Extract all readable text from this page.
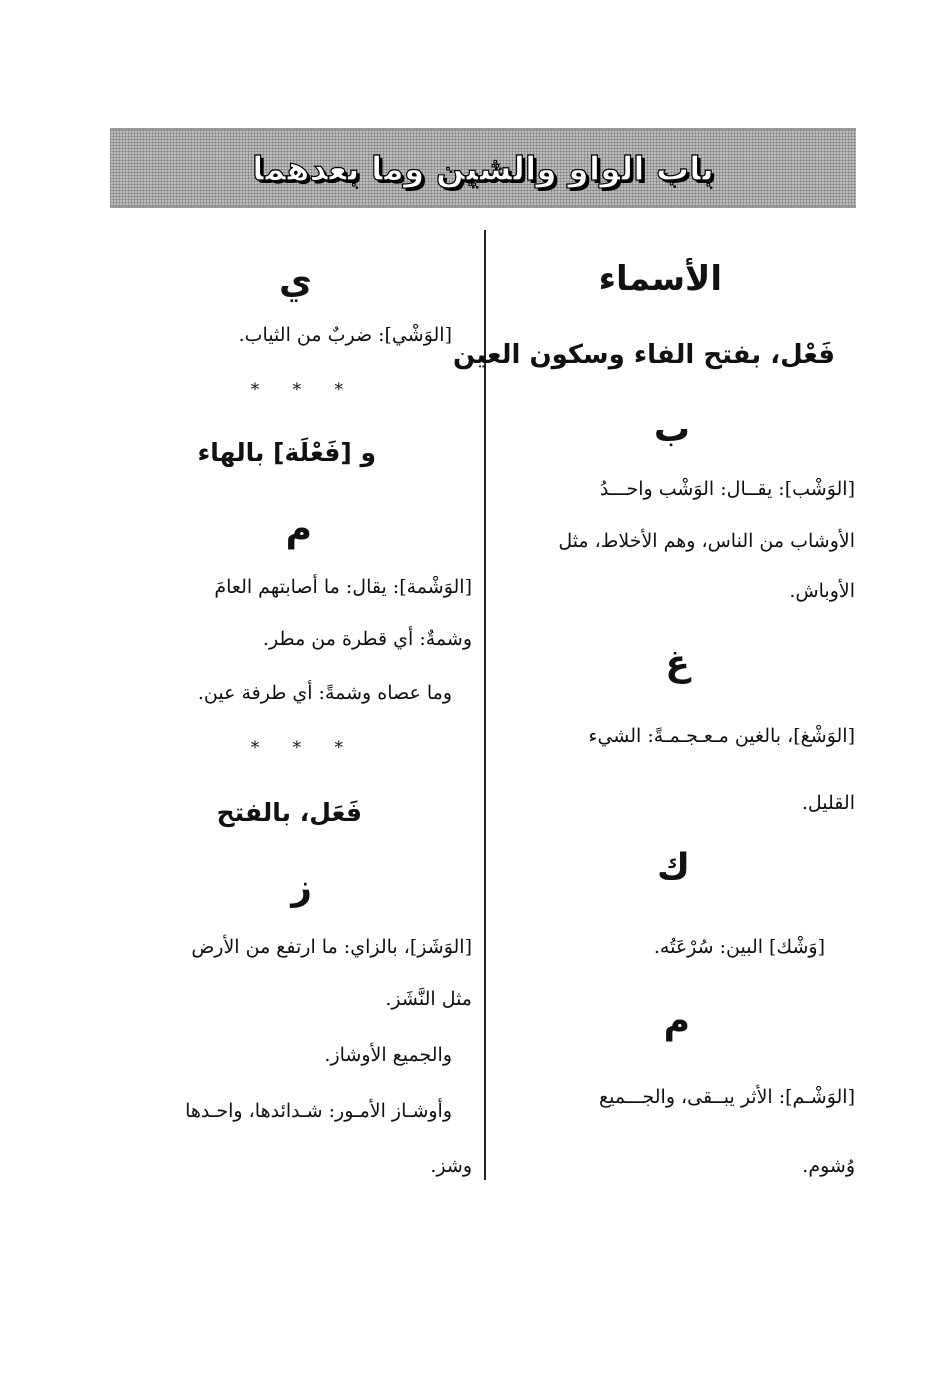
باب الواو والشين وما بعدهما
الأسماء
فَعْل، بفتح الفاء وسكون العين
ب
[الوَشْب]: يقــال: الوَشْب واحـــدُ
الأوشاب من الناس، وهم الأخلاط، مثل
الأوباش.
غ
[الوَشْغ]، بالغين مـعـجـمـةً: الشيء
القليل.
ك
[وَشْك] البين: سُرْعَتُه.
م
[الوَشْـم]: الأثر يبــقى، والجـــميع
وُشوم.
ي
[الوَشْي]: ضربٌ من الثياب.
* * *
و [فَعْلَة] بالهاء
م
[الوَشْمة]: يقال: ما أصابتهم العامَ
وشمةٌ: أي قطرة من مطر.
وما عصاه وشمةً: أي طرفة عين.
* * *
فَعَل، بالفتح
ز
[الوَشَز]، بالزاي: ما ارتفع من الأرض
مثل النَّشَز.
والجميع الأوشاز.
وأوشـاز الأمـور: شـدائدها، واحـدها
وشز.
